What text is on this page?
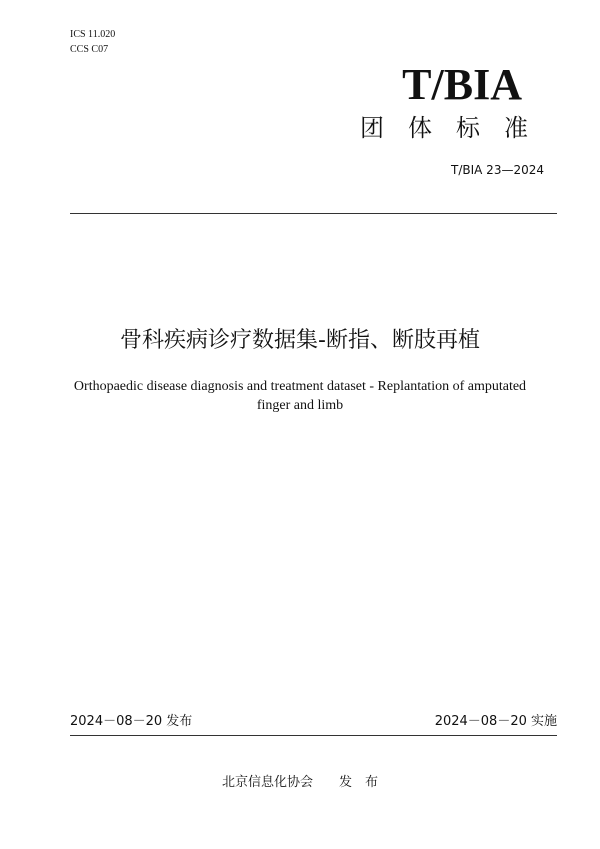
ICS 11.020
CCS C07
T/BIA
团体标准
T/BIA 23—2024
骨科疾病诊疗数据集-断指、断肢再植
Orthopaedic disease diagnosis and treatment dataset - Replantation of amputated finger and limb
2024－08－20 发布	2024－08－20 实施
北京信息化协会　　发　布
